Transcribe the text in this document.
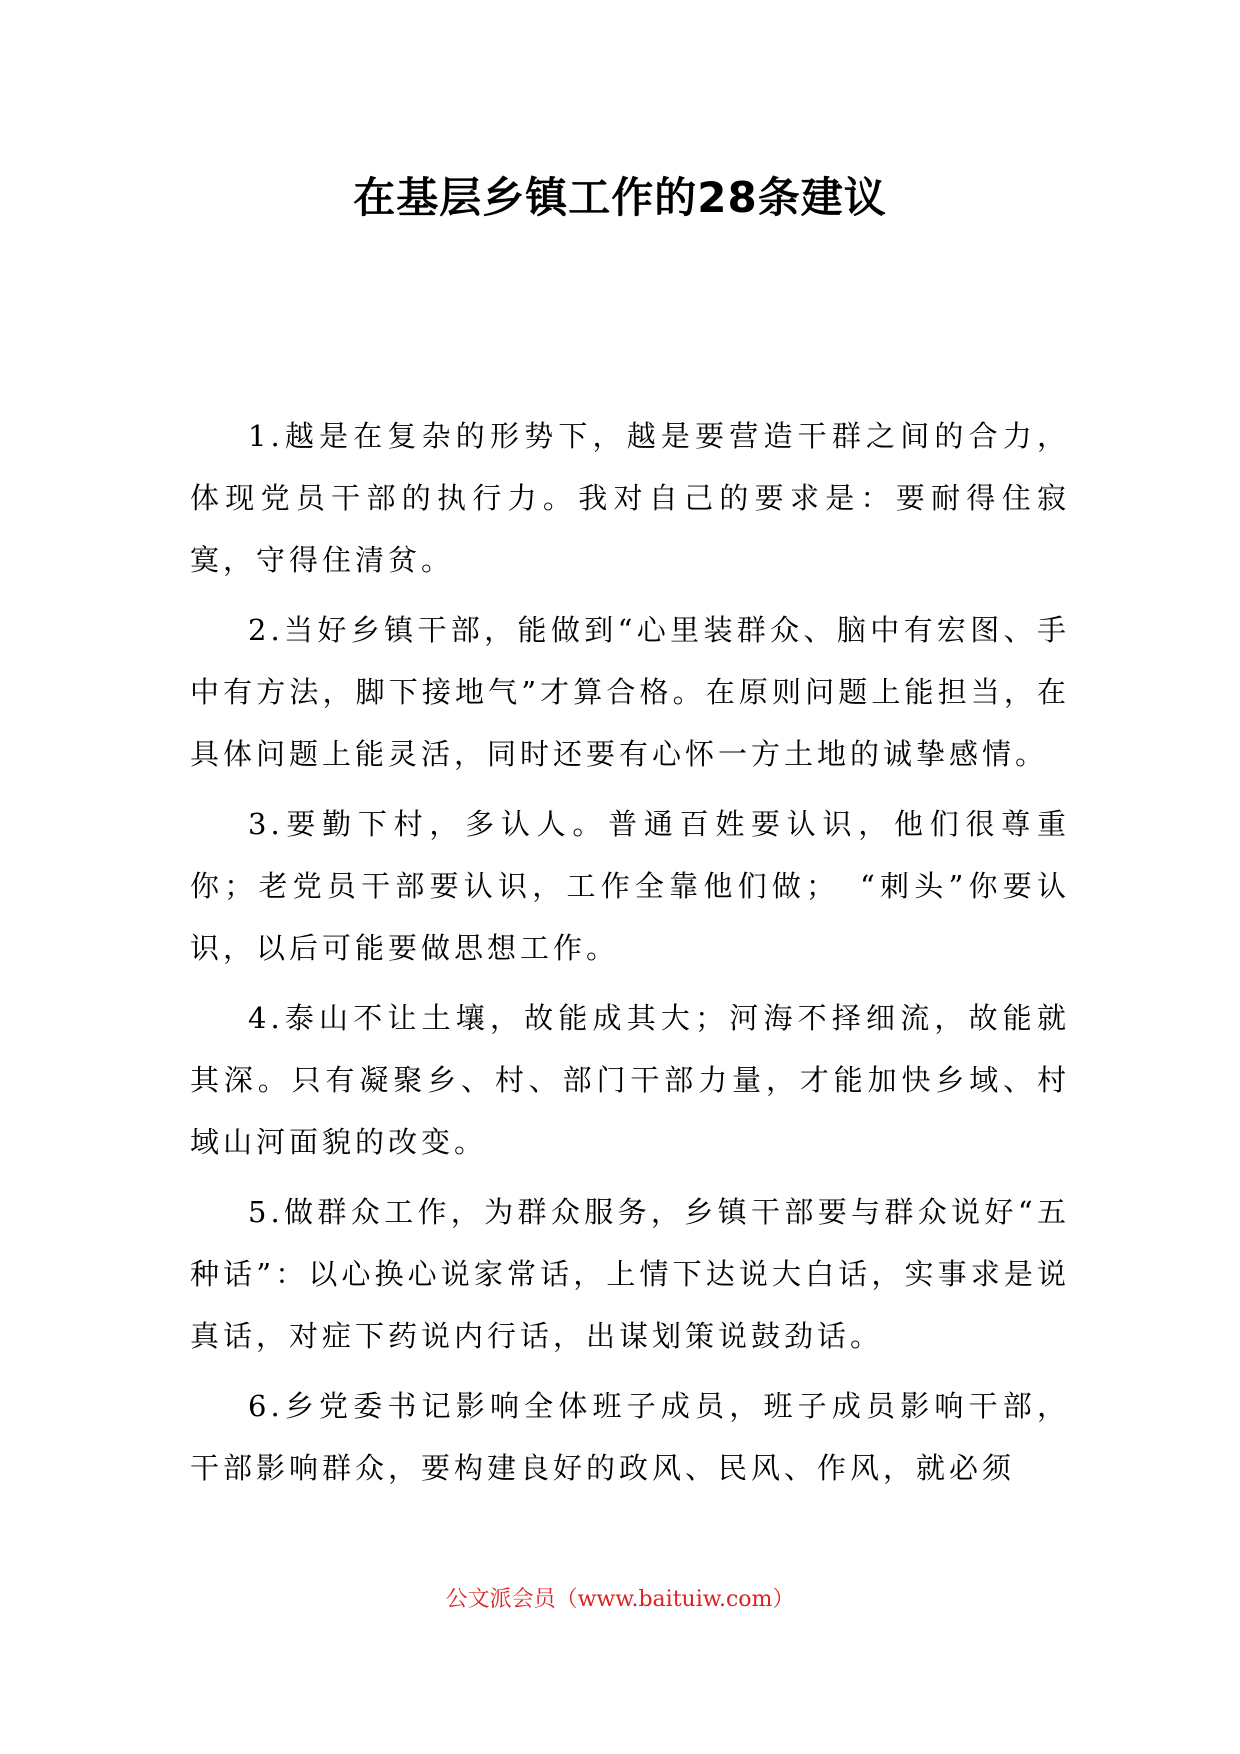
在基层乡镇工作的28条建议

1.越是在复杂的形势下，越是要营造干群之间的合力，体现党员干部的执行力。我对自己的要求是：要耐得住寂寞，守得住清贫。

2.当好乡镇干部，能做到“心里装群众、脑中有宏图、手中有方法，脚下接地气”才算合格。在原则问题上能担当，在具体问题上能灵活，同时还要有心怀一方土地的诚挚感情。

3.要勤下村，多认人。普通百姓要认识，他们很尊重你；老党员干部要认识，工作全靠他们做；　“刺头”你要认识，以后可能要做思想工作。

4.泰山不让土壤，故能成其大；河海不择细流，故能就其深。只有凝聚乡、村、部门干部力量，才能加快乡域、村域山河面貌的改变。

5.做群众工作，为群众服务，乡镇干部要与群众说好“五种话”：以心换心说家常话，上情下达说大白话，实事求是说真话，对症下药说内行话，出谋划策说鼓劲话。

6.乡党委书记影响全体班子成员，班子成员影响干部，干部影响群众，要构建良好的政风、民风、作风，就必须

公文派会员（www.baituiw.com）
